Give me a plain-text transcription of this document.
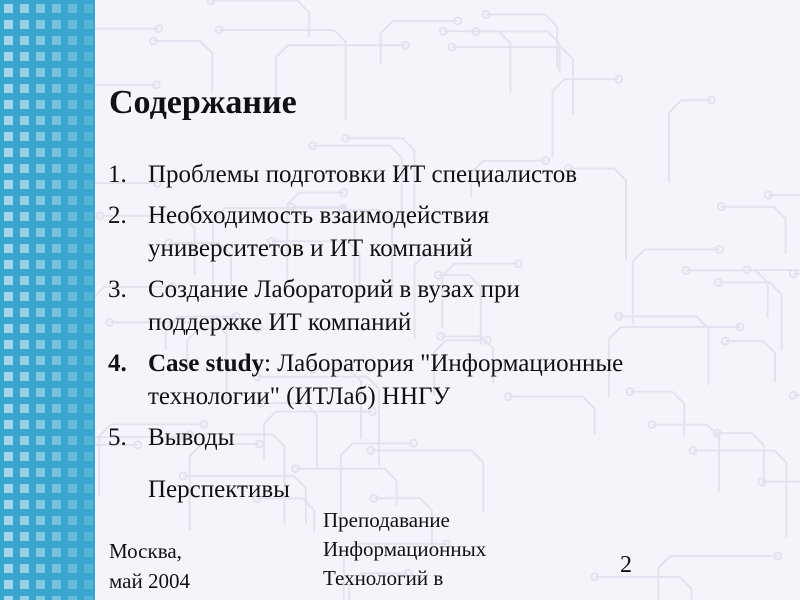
Содержание
1. Проблемы подготовки ИТ специалистов
2. Необходимость взаимодействия университетов и ИТ компаний
3. Создание Лабораторий в вузах при поддержке ИТ компаний
4. Case study: Лаборатория "Информационные технологии" (ИТЛаб) ННГУ
5. Выводы
Перспективы
Москва,
май 2004
Преподавание
Информационных
Технологий в	2
